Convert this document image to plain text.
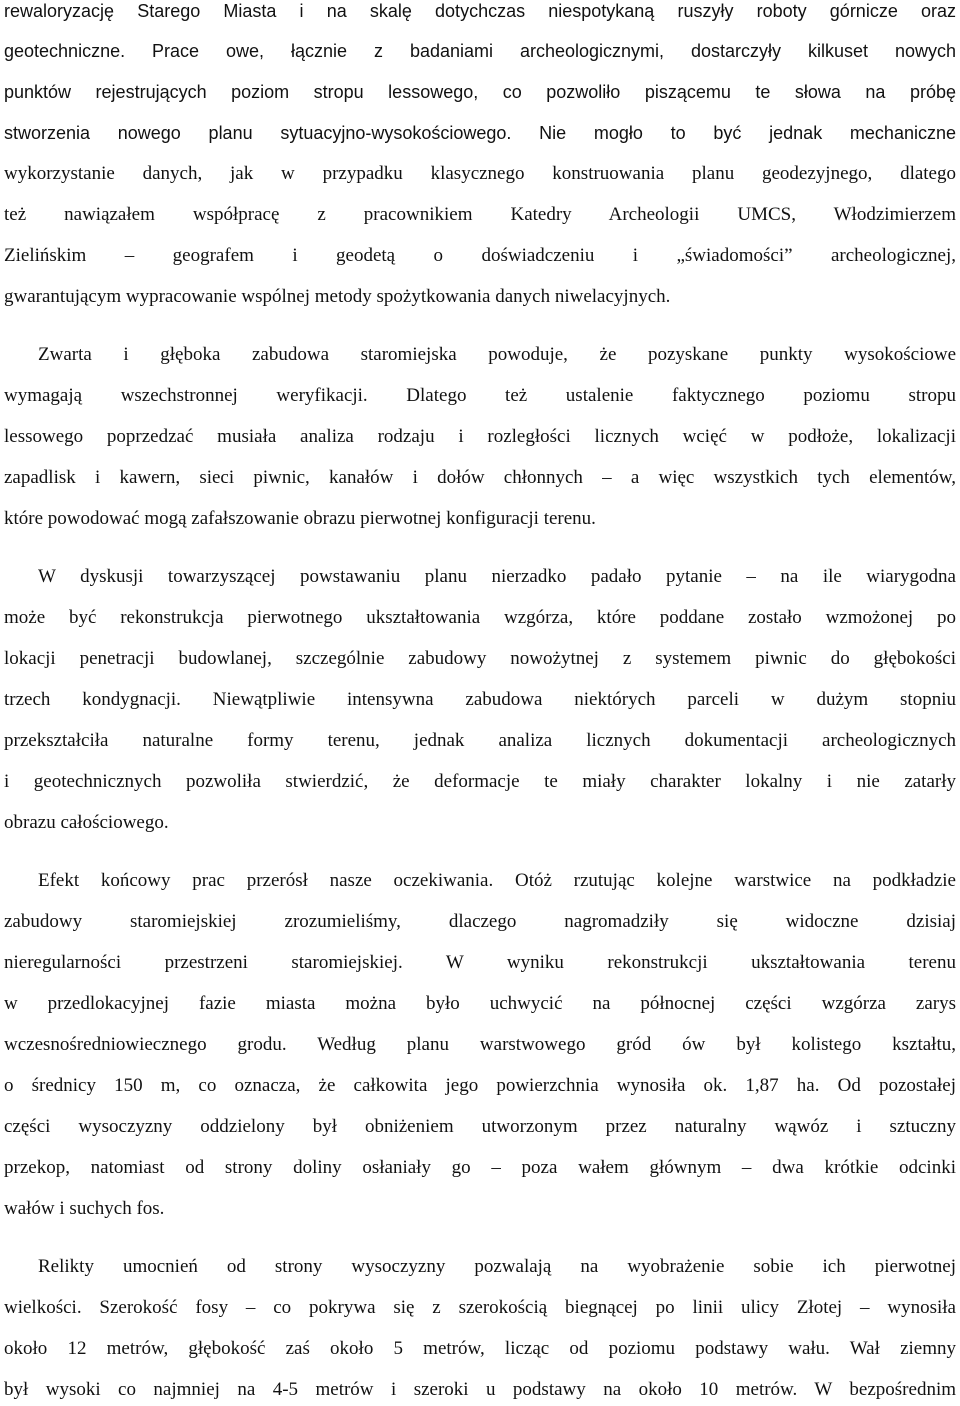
rewaloryzację Starego Miasta i na skalę dotychczas niespotykaną ruszyły roboty górnicze oraz
geotechniczne. Prace owe, łącznie z badaniami archeologicznymi, dostarczyły kilkuset nowych
punktów rejestrujących poziom stropu lessowego, co pozwoliło piszącemu te słowa na próbę
stworzenia nowego planu sytuacyjno-wysokościowego. Nie mogło to być jednak mechaniczne
wykorzystanie danych, jak w przypadku klasycznego konstruowania planu geodezyjnego, dlatego
też nawiązałem współpracę z pracownikiem Katedry Archeologii UMCS, Włodzimierzem
Zielińskim – geografem i geodetą o doświadczeniu i „świadomości” archeologicznej,
gwarantującym wypracowanie wspólnej metody spożytkowania danych niwelacyjnych.
Zwarta i głęboka zabudowa staromiejska powoduje, że pozyskane punkty wysokościowe
wymagają wszechstronnej weryfikacji. Dlatego też ustalenie faktycznego poziomu stropu
lessowego poprzedzać musiała analiza rodzaju i rozległości licznych wcięć w podłoże, lokalizacji
zapadlisk i kawern, sieci piwnic, kanałów i dołów chłonnych – a więc wszystkich tych elementów,
które powodować mogą zafałszowanie obrazu pierwotnej konfiguracji terenu.
W dyskusji towarzyszącej powstawaniu planu nierzadko padało pytanie – na ile wiarygodna
może być rekonstrukcja pierwotnego ukształtowania wzgórza, które poddane zostało wzmożonej po
lokacji penetracji budowlanej, szczególnie zabudowy nowożytnej z systemem piwnic do głębokości
trzech kondygnacji. Niewątpliwie intensywna zabudowa niektórych parceli w dużym stopniu
przekształciła naturalne formy terenu, jednak analiza licznych dokumentacji archeologicznych
i geotechnicznych pozwoliła stwierdzić, że deformacje te miały charakter lokalny i nie zatarły
obrazu całościowego.
Efekt końcowy prac przerósł nasze oczekiwania. Otóż rzutując kolejne warstwice na podkładzie
zabudowy staromiejskiej zrozumieliśmy, dlaczego nagromadziły się widoczne dzisiaj
nieregularności przestrzeni staromiejskiej. W wyniku rekonstrukcji ukształtowania terenu
w przedlokacyjnej fazie miasta można było uchwycić na północnej części wzgórza zarys
wczesnośredniowiecznego grodu. Według planu warstwowego gród ów był kolistego kształtu,
o średnicy 150 m, co oznacza, że całkowita jego powierzchnia wynosiła ok. 1,87 ha. Od pozostałej
części wysoczyzny oddzielony był obniżeniem utworzonym przez naturalny wąwóz i sztuczny
przekop, natomiast od strony doliny osłaniały go – poza wałem głównym – dwa krótkie odcinki
wałów i suchych fos.
Relikty umocnień od strony wysoczyzny pozwalają na wyobrażenie sobie ich pierwotnej
wielkości. Szerokość fosy – co pokrywa się z szerokością biegnącej po linii ulicy Złotej – wynosiła
około 12 metrów, głębokość zaś około 5 metrów, licząc od poziomu podstawy wału. Wał ziemny
był wysoki co najmniej na 4-5 metrów i szeroki u podstawy na około 10 metrów. W bezpośrednim
